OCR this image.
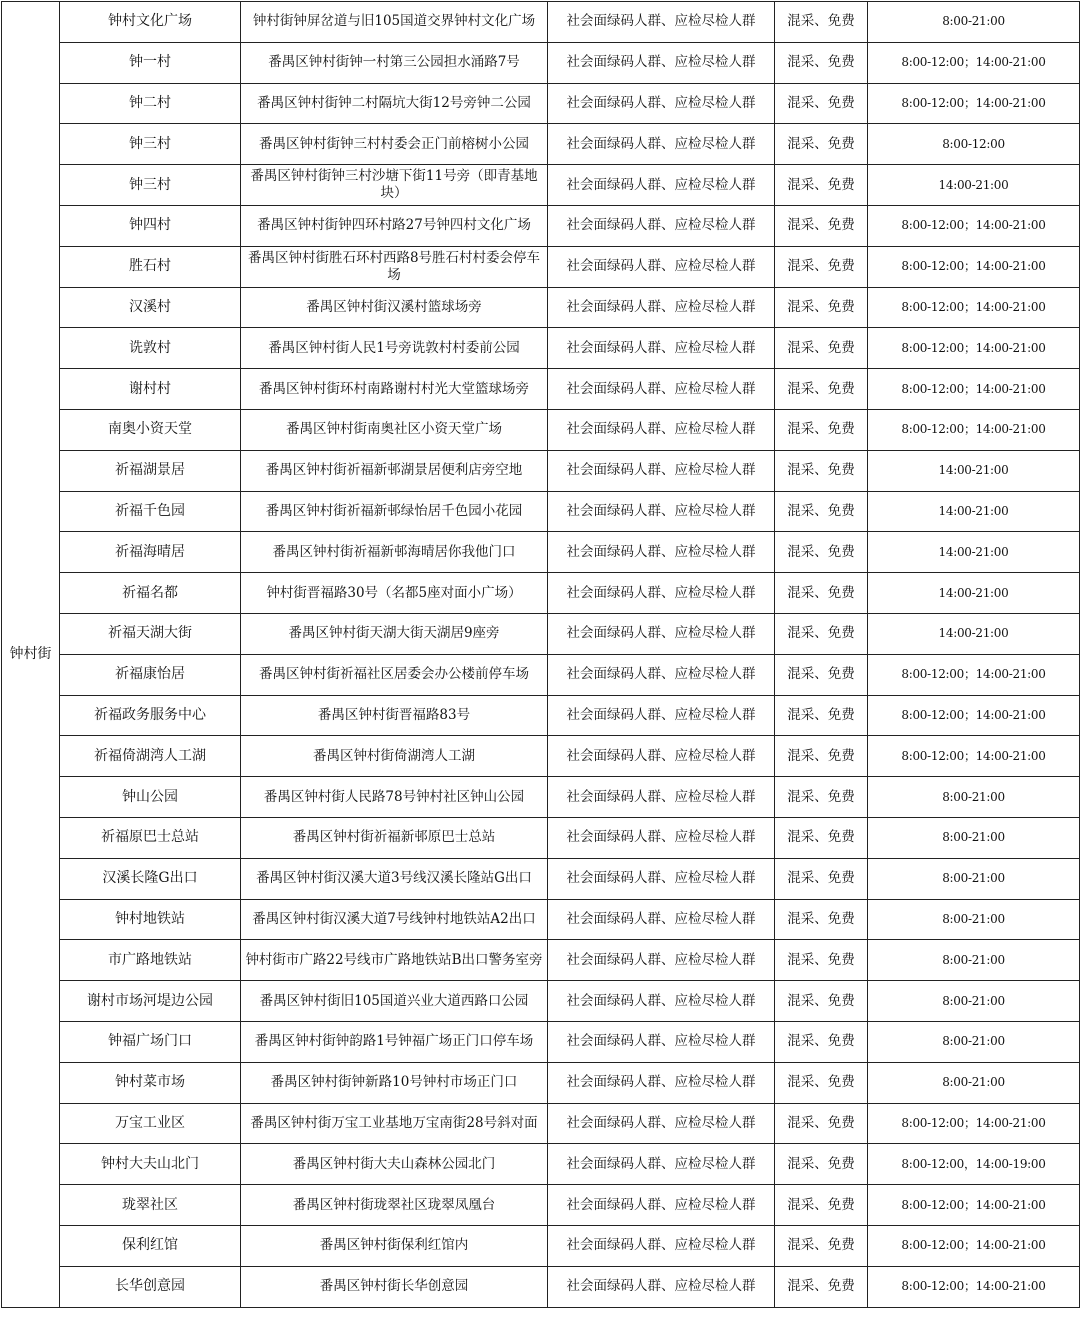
钟村街	钟村文化广场	钟村街钟屏岔道与旧105国道交界钟村文化广场	社会面绿码人群、应检尽检人群	混采、免费	8:00-21:00
	钟一村	番禺区钟村街钟一村第三公园担水涌路7号	社会面绿码人群、应检尽检人群	混采、免费	8:00-12:00；14:00-21:00
	钟二村	番禺区钟村街钟二村隔坑大街12号旁钟二公园	社会面绿码人群、应检尽检人群	混采、免费	8:00-12:00；14:00-21:00
	钟三村	番禺区钟村街钟三村村委会正门前榕树小公园	社会面绿码人群、应检尽检人群	混采、免费	8:00-12:00
	钟三村	番禺区钟村街钟三村沙塘下街11号旁（即青基地块）	社会面绿码人群、应检尽检人群	混采、免费	14:00-21:00
	钟四村	番禺区钟村街钟四环村路27号钟四村文化广场	社会面绿码人群、应检尽检人群	混采、免费	8:00-12:00；14:00-21:00
	胜石村	番禺区钟村街胜石环村西路8号胜石村村委会停车场	社会面绿码人群、应检尽检人群	混采、免费	8:00-12:00；14:00-21:00
	汉溪村	番禺区钟村街汉溪村篮球场旁	社会面绿码人群、应检尽检人群	混采、免费	8:00-12:00；14:00-21:00
	诜敦村	番禺区钟村街人民1号旁诜敦村村委前公园	社会面绿码人群、应检尽检人群	混采、免费	8:00-12:00；14:00-21:00
	谢村村	番禺区钟村街环村南路谢村村光大堂篮球场旁	社会面绿码人群、应检尽检人群	混采、免费	8:00-12:00；14:00-21:00
	南奥小资天堂	番禺区钟村街南奥社区小资天堂广场	社会面绿码人群、应检尽检人群	混采、免费	8:00-12:00；14:00-21:00
	祈福湖景居	番禺区钟村街祈福新邨湖景居便利店旁空地	社会面绿码人群、应检尽检人群	混采、免费	14:00-21:00
	祈福千色园	番禺区钟村街祈福新邨绿怡居千色园小花园	社会面绿码人群、应检尽检人群	混采、免费	14:00-21:00
	祈福海晴居	番禺区钟村街祈福新邨海晴居你我他门口	社会面绿码人群、应检尽检人群	混采、免费	14:00-21:00
	祈福名都	钟村街晋福路30号（名都5座对面小广场）	社会面绿码人群、应检尽检人群	混采、免费	14:00-21:00
	祈福天湖大街	番禺区钟村街天湖大街天湖居9座旁	社会面绿码人群、应检尽检人群	混采、免费	14:00-21:00
	祈福康怡居	番禺区钟村街祈福社区居委会办公楼前停车场	社会面绿码人群、应检尽检人群	混采、免费	8:00-12:00；14:00-21:00
	祈福政务服务中心	番禺区钟村街晋福路83号	社会面绿码人群、应检尽检人群	混采、免费	8:00-12:00；14:00-21:00
	祈福倚湖湾人工湖	番禺区钟村街倚湖湾人工湖	社会面绿码人群、应检尽检人群	混采、免费	8:00-12:00；14:00-21:00
	钟山公园	番禺区钟村街人民路78号钟村社区钟山公园	社会面绿码人群、应检尽检人群	混采、免费	8:00-21:00
	祈福原巴士总站	番禺区钟村街祈福新邨原巴士总站	社会面绿码人群、应检尽检人群	混采、免费	8:00-21:00
	汉溪长隆G出口	番禺区钟村街汉溪大道3号线汉溪长隆站G出口	社会面绿码人群、应检尽检人群	混采、免费	8:00-21:00
	钟村地铁站	番禺区钟村街汉溪大道7号线钟村地铁站A2出口	社会面绿码人群、应检尽检人群	混采、免费	8:00-21:00
	市广路地铁站	钟村街市广路22号线市广路地铁站B出口警务室旁	社会面绿码人群、应检尽检人群	混采、免费	8:00-21:00
	谢村市场河堤边公园	番禺区钟村街旧105国道兴业大道西路口公园	社会面绿码人群、应检尽检人群	混采、免费	8:00-21:00
	钟福广场门口	番禺区钟村街钟韵路1号钟福广场正门口停车场	社会面绿码人群、应检尽检人群	混采、免费	8:00-21:00
	钟村菜市场	番禺区钟村街钟新路10号钟村市场正门口	社会面绿码人群、应检尽检人群	混采、免费	8:00-21:00
	万宝工业区	番禺区钟村街万宝工业基地万宝南街28号斜对面	社会面绿码人群、应检尽检人群	混采、免费	8:00-12:00；14:00-21:00
	钟村大夫山北门	番禺区钟村街大夫山森林公园北门	社会面绿码人群、应检尽检人群	混采、免费	8:00-12:00，14:00-19:00
	珑翠社区	番禺区钟村街珑翠社区珑翠凤凰台	社会面绿码人群、应检尽检人群	混采、免费	8:00-12:00；14:00-21:00
	保利红馆	番禺区钟村街保利红馆内	社会面绿码人群、应检尽检人群	混采、免费	8:00-12:00；14:00-21:00
	长华创意园	番禺区钟村街长华创意园	社会面绿码人群、应检尽检人群	混采、免费	8:00-12:00；14:00-21:00
